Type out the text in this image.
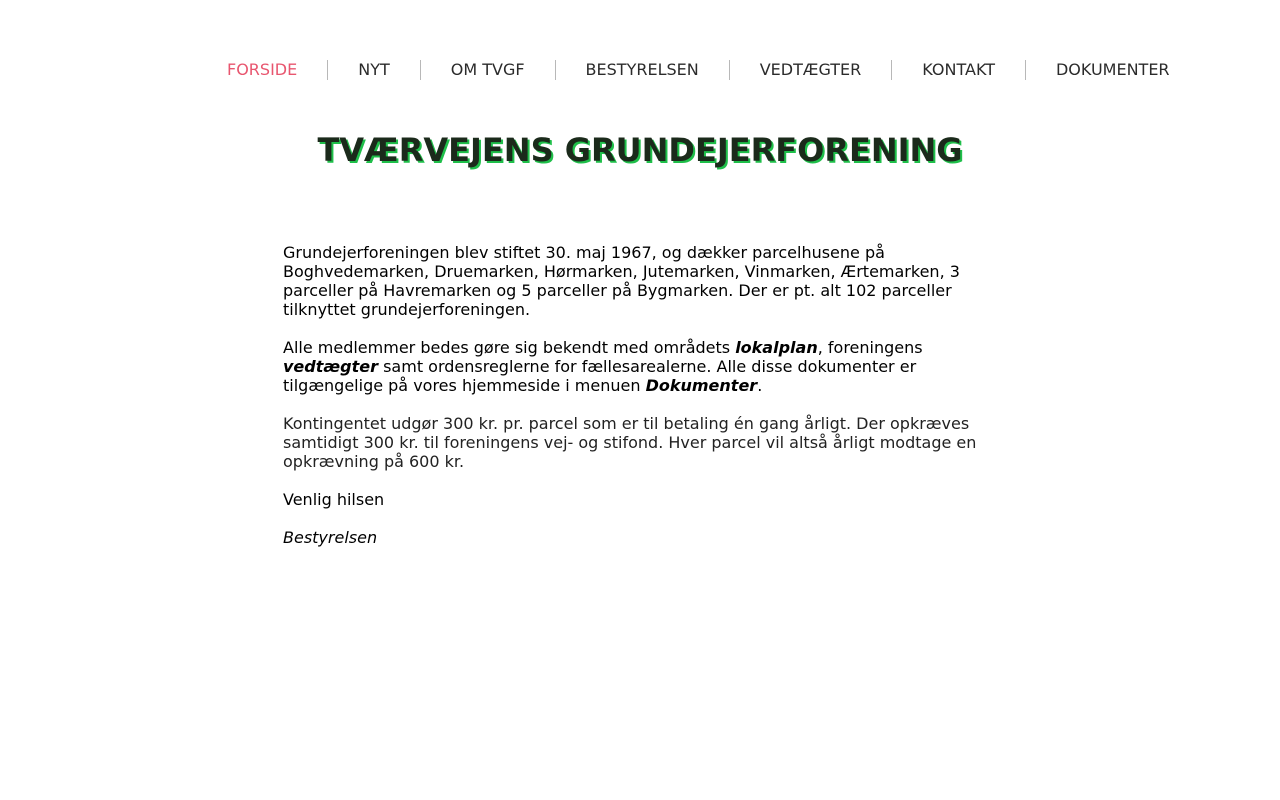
FORSIDE	NYT	OM TVGF	BESTYRELSEN	VEDTÆGTER	KONTAKT	DOKUMENTER
TVÆRVEJENS GRUNDEJERFORENING

Grundejerforeningen blev stiftet 30. maj 1967, og dækker parcelhusene på Boghvedemarken, Druemarken, Hørmarken, Jutemarken, Vinmarken, Ærtemarken, 3 parceller på Havremarken og 5 parceller på Bygmarken. Der er pt. alt 102 parceller tilknyttet grundejerforeningen.

Alle medlemmer bedes gøre sig bekendt med områdets lokalplan, foreningens vedtægter samt ordensreglerne for fællesarealerne. Alle disse dokumenter er tilgængelige på vores hjemmeside i menuen Dokumenter.

Kontingentet udgør 300 kr. pr. parcel som er til betaling én gang årligt. Der opkræves samtidigt 300 kr. til foreningens vej- og stifond. Hver parcel vil altså årligt modtage en opkrævning på 600 kr.

Venlig hilsen

Bestyrelsen
